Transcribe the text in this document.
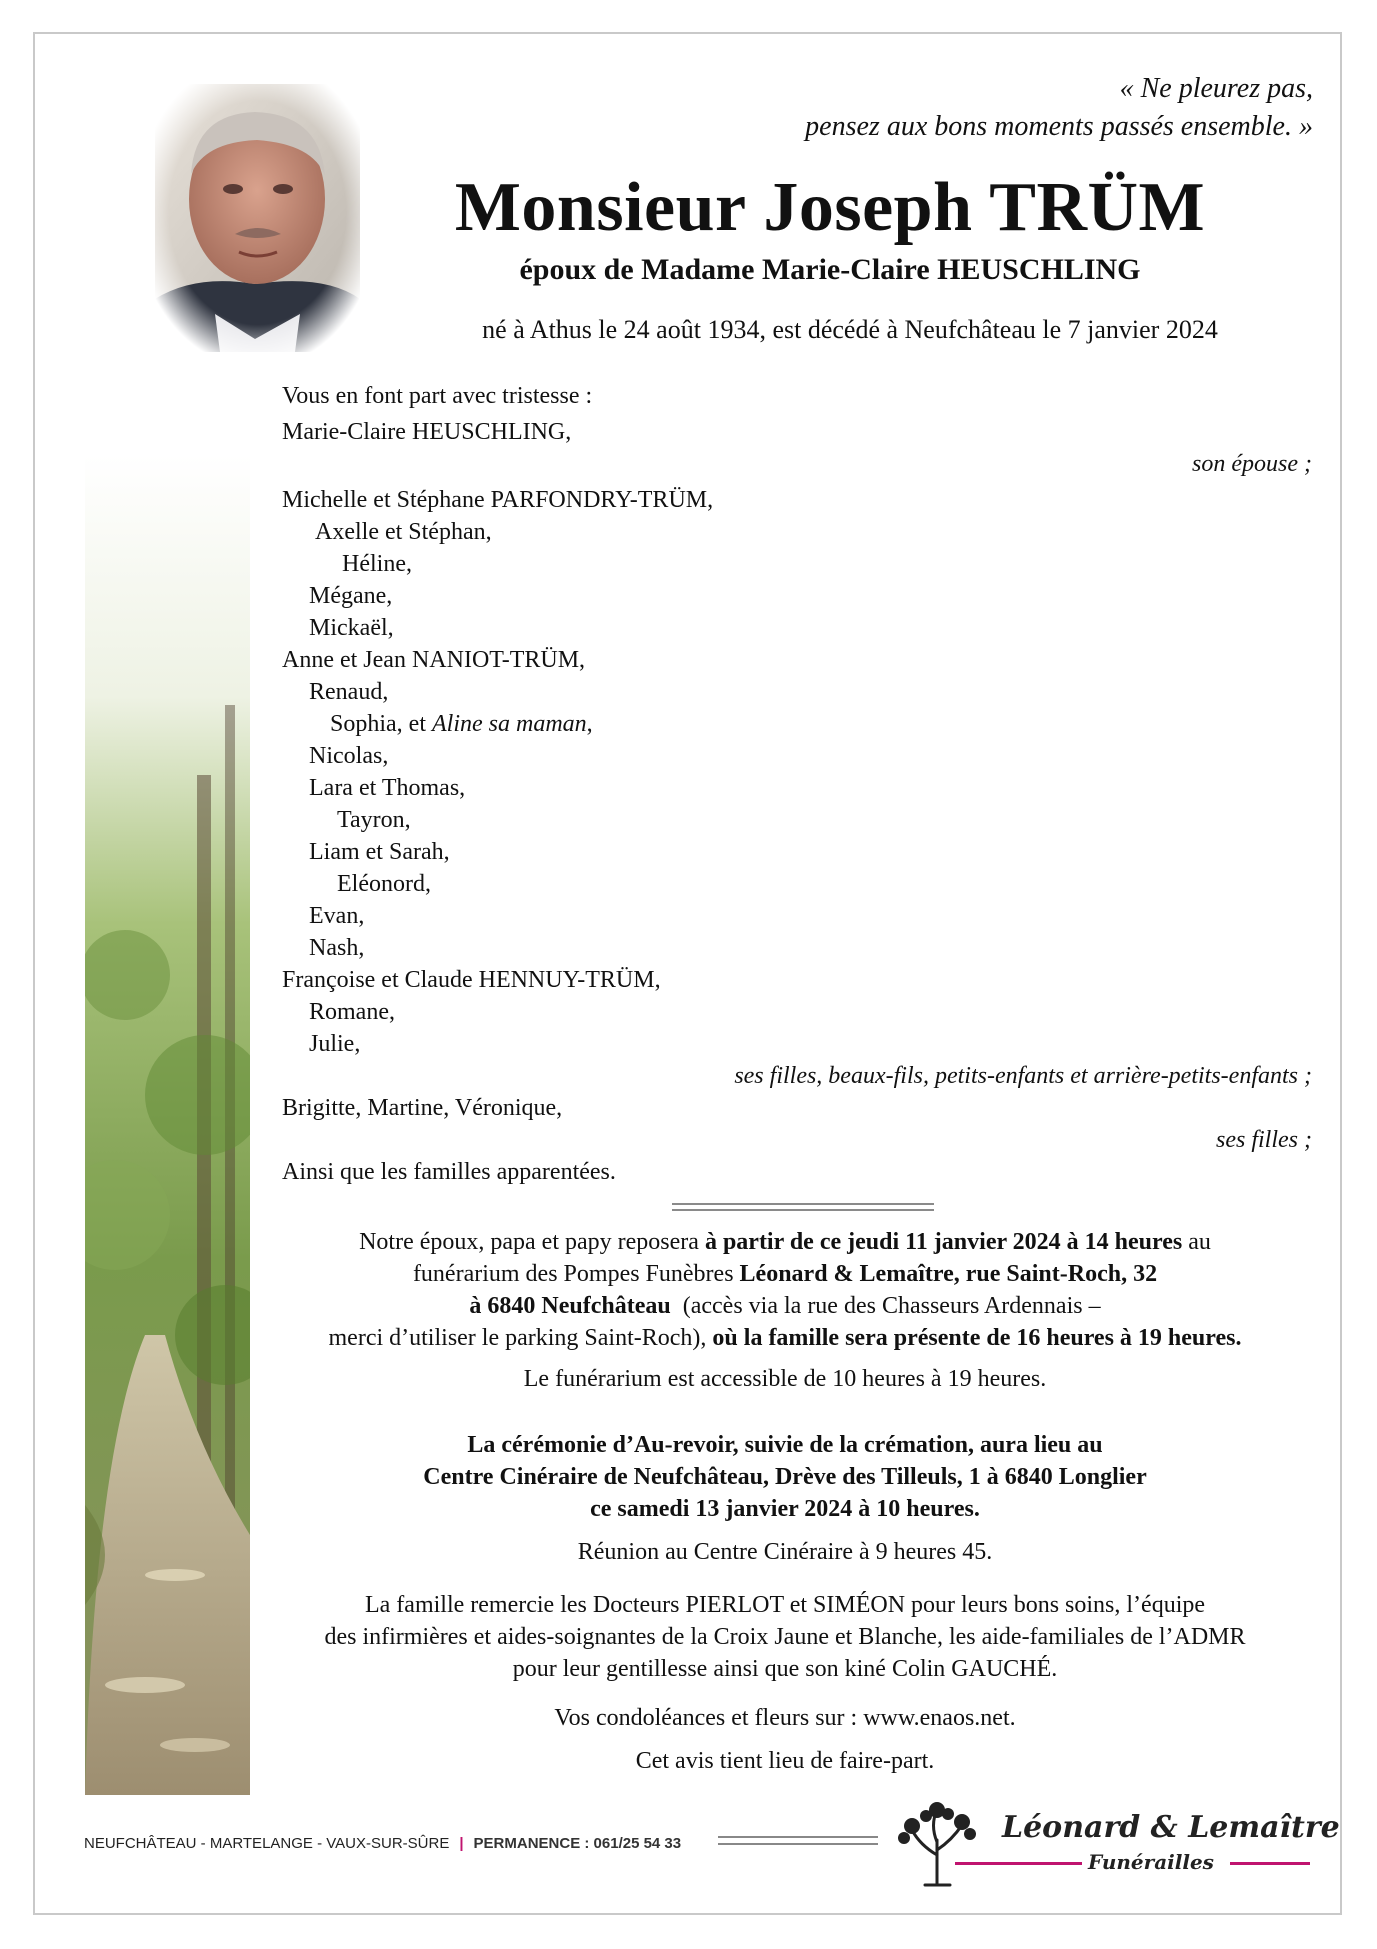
« Ne pleurez pas,
pensez aux bons moments passés ensemble. »
Monsieur Joseph TRÜM
époux de Madame Marie-Claire HEUSCHLING
né à Athus le 24 août 1934, est décédé à Neufchâteau le 7 janvier 2024
Vous en font part avec tristesse :
Marie-Claire HEUSCHLING,
son épouse ;
Michelle et Stéphane PARFONDRY-TRÜM,
Axelle et Stéphan,
Héline,
Mégane,
Mickaël,
Anne et Jean NANIOT-TRÜM,
Renaud,
Sophia, et Aline sa maman,
Nicolas,
Lara et Thomas,
Tayron,
Liam et Sarah,
Eléonord,
Evan,
Nash,
Françoise et Claude HENNUY-TRÜM,
Romane,
Julie,
ses filles, beaux-fils, petits-enfants et arrière-petits-enfants ;
Brigitte, Martine, Véronique,
ses filles ;
Ainsi que les familles apparentées.
Notre époux, papa et papy reposera à partir de ce jeudi 11 janvier 2024 à 14 heures au
funérarium des Pompes Funèbres Léonard & Lemaître, rue Saint-Roch, 32
à 6840 Neufchâteau  (accès via la rue des Chasseurs Ardennais –
merci d’utiliser le parking Saint-Roch), où la famille sera présente de 16 heures à 19 heures.
Le funérarium est accessible de 10 heures à 19 heures.
La cérémonie d’Au-revoir, suivie de la crémation, aura lieu au
Centre Cinéraire de Neufchâteau, Drève des Tilleuls, 1 à 6840 Longlier
ce samedi 13 janvier 2024 à 10 heures.
Réunion au Centre Cinéraire à 9 heures 45.
La famille remercie les Docteurs PIERLOT et SIMÉON pour leurs bons soins, l’équipe
des infirmières et aides-soignantes de la Croix Jaune et Blanche, les aide-familiales de l’ADMR
pour leur gentillesse ainsi que son kiné Colin GAUCHÉ.
Vos condoléances et fleurs sur : www.enaos.net.
Cet avis tient lieu de faire-part.
NEUFCHÂTEAU - MARTELANGE - VAUX-SUR-SÛRE | PERMANENCE : 061/25 54 33	Léonard & Lemaître
Funérailles
